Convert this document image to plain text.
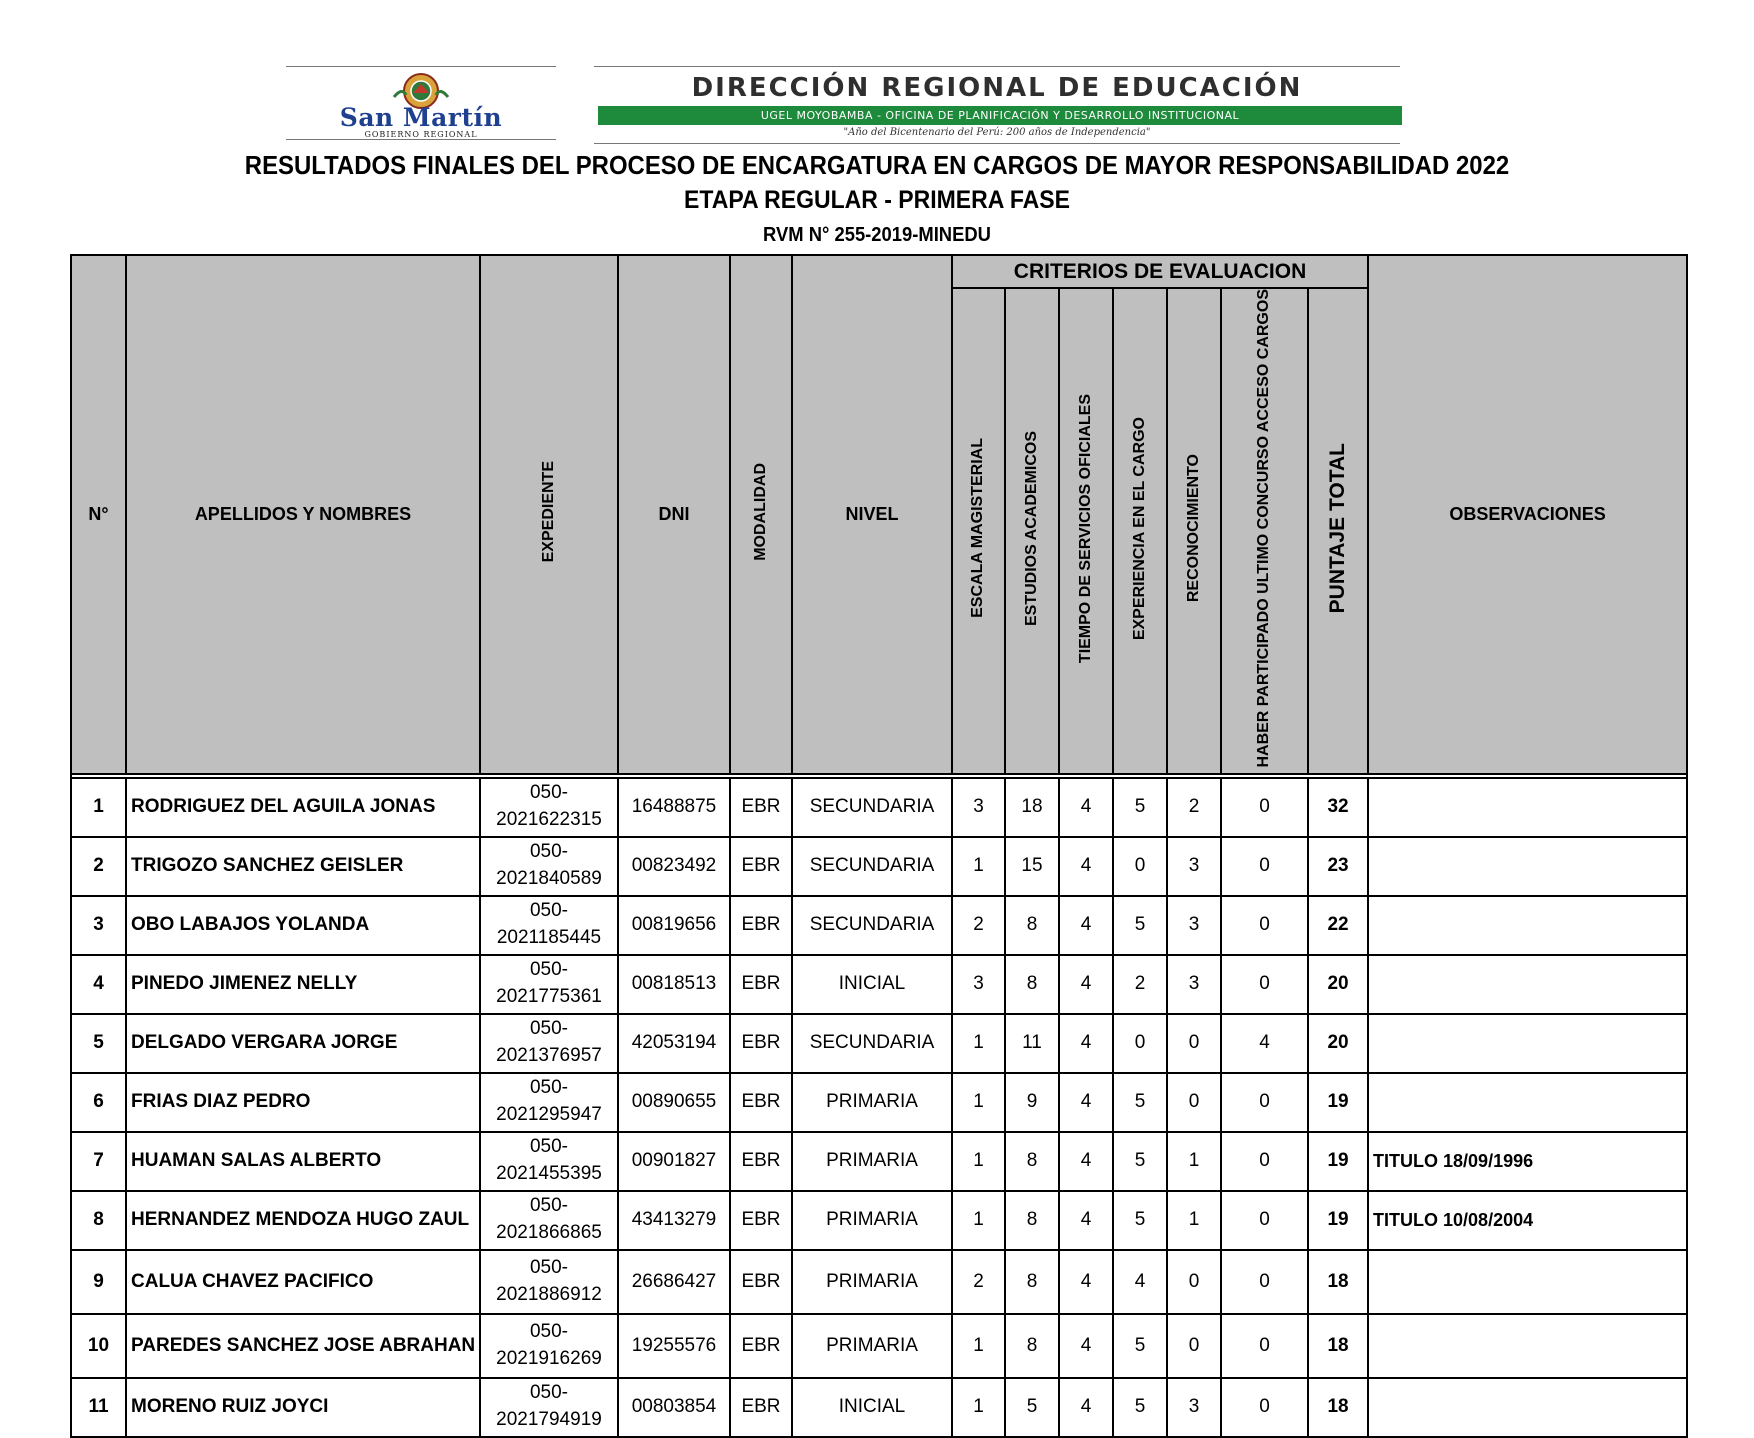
San Martín
GOBIERNO REGIONAL
DIRECCIÓN REGIONAL DE EDUCACIÓN
UGEL MOYOBAMBA - OFICINA DE PLANIFICACIÓN Y DESARROLLO INSTITUCIONAL
"Año del Bicentenario del Perú: 200 años de Independencia"
RESULTADOS FINALES DEL PROCESO DE ENCARGATURA EN CARGOS DE MAYOR RESPONSABILIDAD 2022
ETAPA REGULAR - PRIMERA FASE
RVM N° 255-2019-MINEDU
N°	APELLIDOS Y NOMBRES	EXPEDIENTE	DNI	MODALIDAD	NIVEL	CRITERIOS DE EVALUACION							OBSERVACIONES
						ESCALA MAGISTERIAL	ESTUDIOS ACADEMICOS	TIEMPO DE SERVICIOS OFICIALES	EXPERIENCIA EN EL CARGO	RECONOCIMIENTO	HABER PARTICIPADO ULTIMO CONCURSO ACCESO CARGOS	PUNTAJE TOTAL	

1	RODRIGUEZ DEL AGUILA JONAS	050-
2021622315	16488875	EBR	SECUNDARIA	3	18	4	5	2	0	32	
2	TRIGOZO SANCHEZ GEISLER	050-
2021840589	00823492	EBR	SECUNDARIA	1	15	4	0	3	0	23	
3	OBO LABAJOS YOLANDA	050-
2021185445	00819656	EBR	SECUNDARIA	2	8	4	5	3	0	22	
4	PINEDO JIMENEZ NELLY	050-
2021775361	00818513	EBR	INICIAL	3	8	4	2	3	0	20	
5	DELGADO VERGARA JORGE	050-
2021376957	42053194	EBR	SECUNDARIA	1	11	4	0	0	4	20	
6	FRIAS DIAZ PEDRO	050-
2021295947	00890655	EBR	PRIMARIA	1	9	4	5	0	0	19	
7	HUAMAN SALAS ALBERTO	050-
2021455395	00901827	EBR	PRIMARIA	1	8	4	5	1	0	19	TITULO 18/09/1996
8	HERNANDEZ MENDOZA HUGO ZAUL	050-
2021866865	43413279	EBR	PRIMARIA	1	8	4	5	1	0	19	TITULO 10/08/2004
9	CALUA CHAVEZ PACIFICO	050-
2021886912	26686427	EBR	PRIMARIA	2	8	4	4	0	0	18	
10	PAREDES SANCHEZ JOSE ABRAHAN	050-
2021916269	19255576	EBR	PRIMARIA	1	8	4	5	0	0	18	
11	MORENO RUIZ JOYCI	050-
2021794919	00803854	EBR	INICIAL	1	5	4	5	3	0	18	
